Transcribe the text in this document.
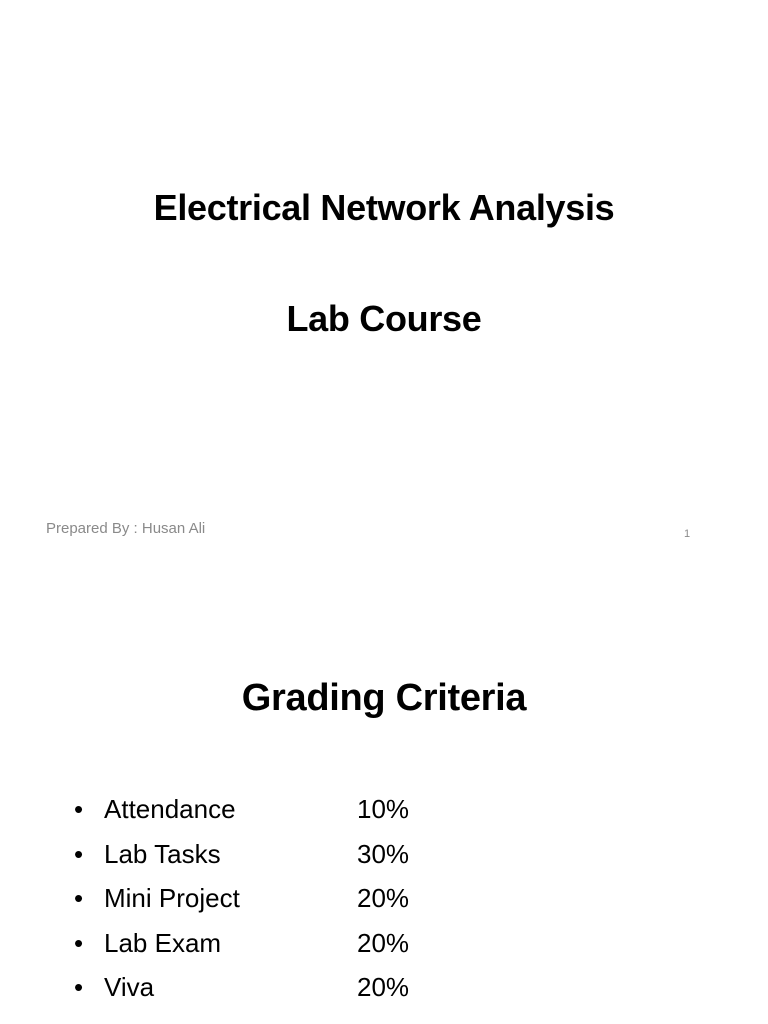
Electrical Network Analysis
Lab Course
Prepared By : Husan Ali	1
Grading Criteria
• Attendance	10%
• Lab Tasks	30%
• Mini Project	20%
• Lab Exam	20%
• Viva	20%
